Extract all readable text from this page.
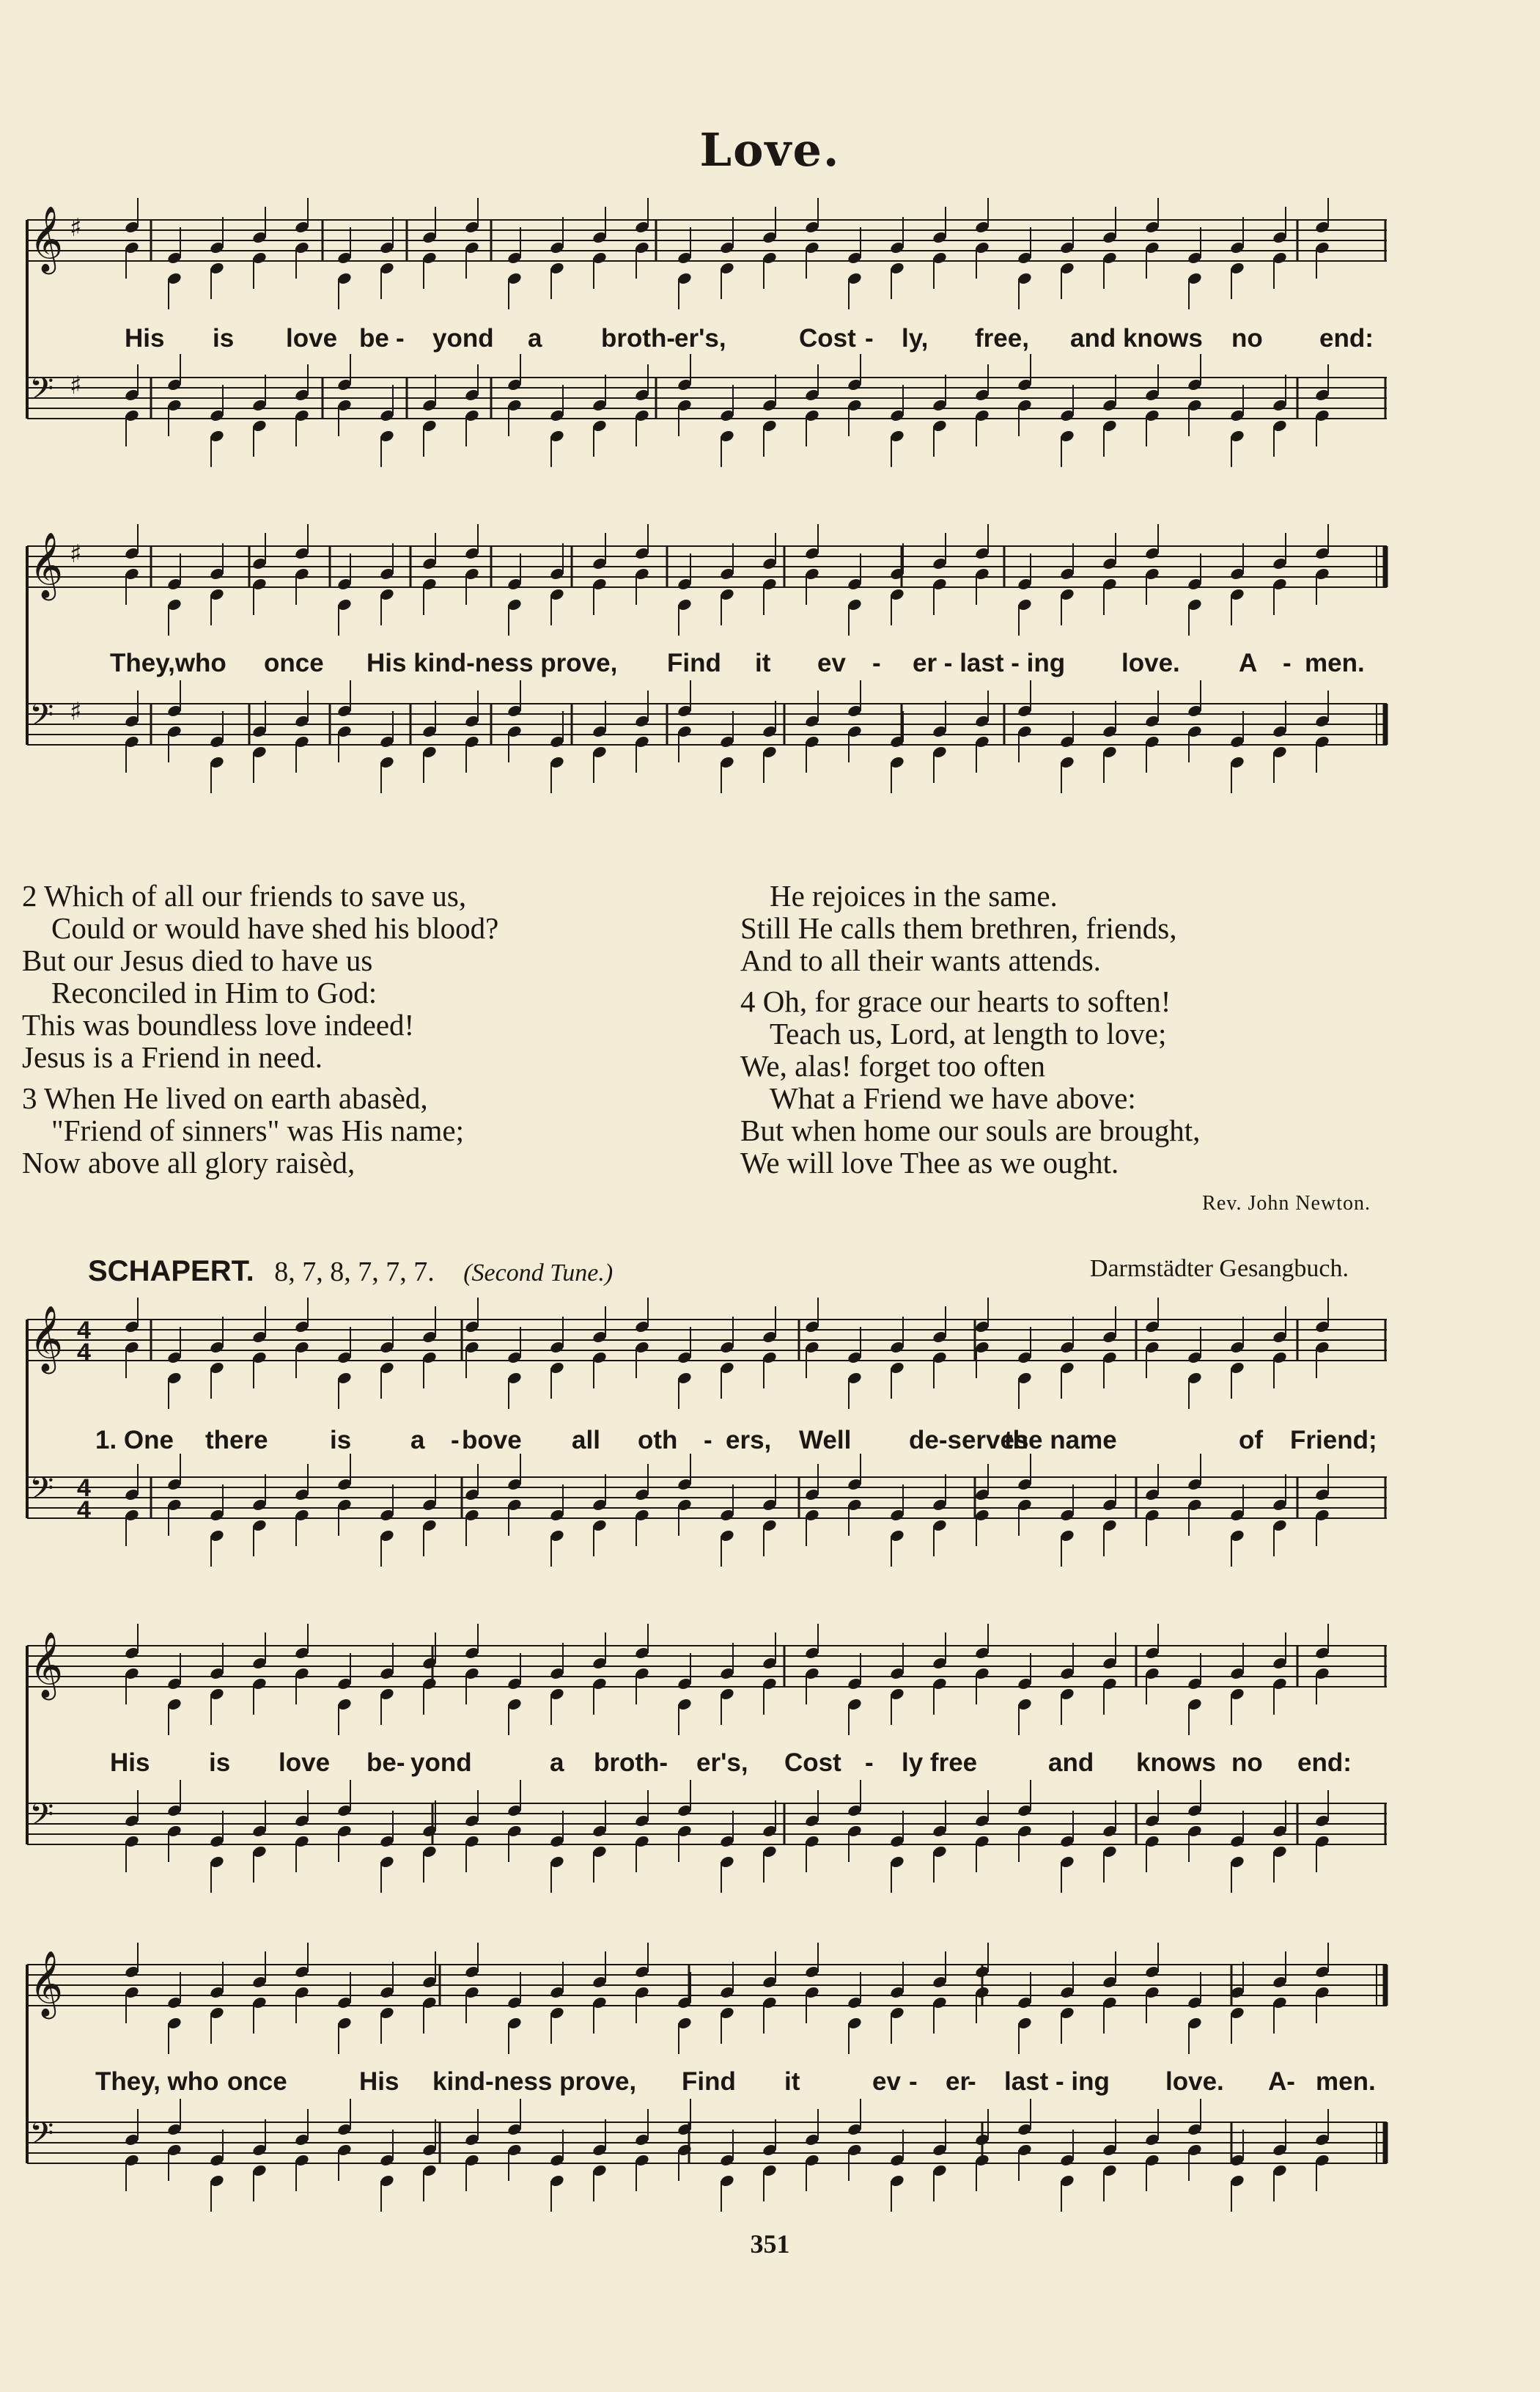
Love.
𝄞 ♯
𝄢 ♯
His is love be - yond a broth-
er's,	Cost - ly, free, and knows no end:
𝄞 ♯
𝄢 ♯
They,who once His kind-ness prove, Find it ev - er - last - ing love. A - men.
2 Which of all our friends to save us,
Could or would have shed his blood?
But our Jesus died to have us
Reconciled in Him to God:
This was boundless love indeed!
Jesus is a Friend in need.
3 When He lived on earth abasèd,
"Friend of sinners" was His name;
Now above all glory raisèd,
He rejoices in the same.
Still He calls them brethren, friends,
And to all their wants attends.
4 Oh, for grace our hearts to soften!
Teach us, Lord, at length to love;
We, alas! forget too often
What a Friend we have above:
But when home our souls are brought,
We will love Thee as we ought.
Rev. John Newton.
SCHAPERT. 8, 7, 8, 7, 7, 7. (Second Tune.)	Darmstädter Gesangbuch.
𝄞 4
4
𝄢 4
4
1. One there is a - bove all oth - ers, Well de-serves
the name	of Friend;
𝄞
𝄢
His is love be- yond	a broth- er's, Cost - ly free	and knows no end:
𝄞
𝄢
They, who once	His kind-ness prove, Find it	ev - er
- last - ing love. A- men.
351
